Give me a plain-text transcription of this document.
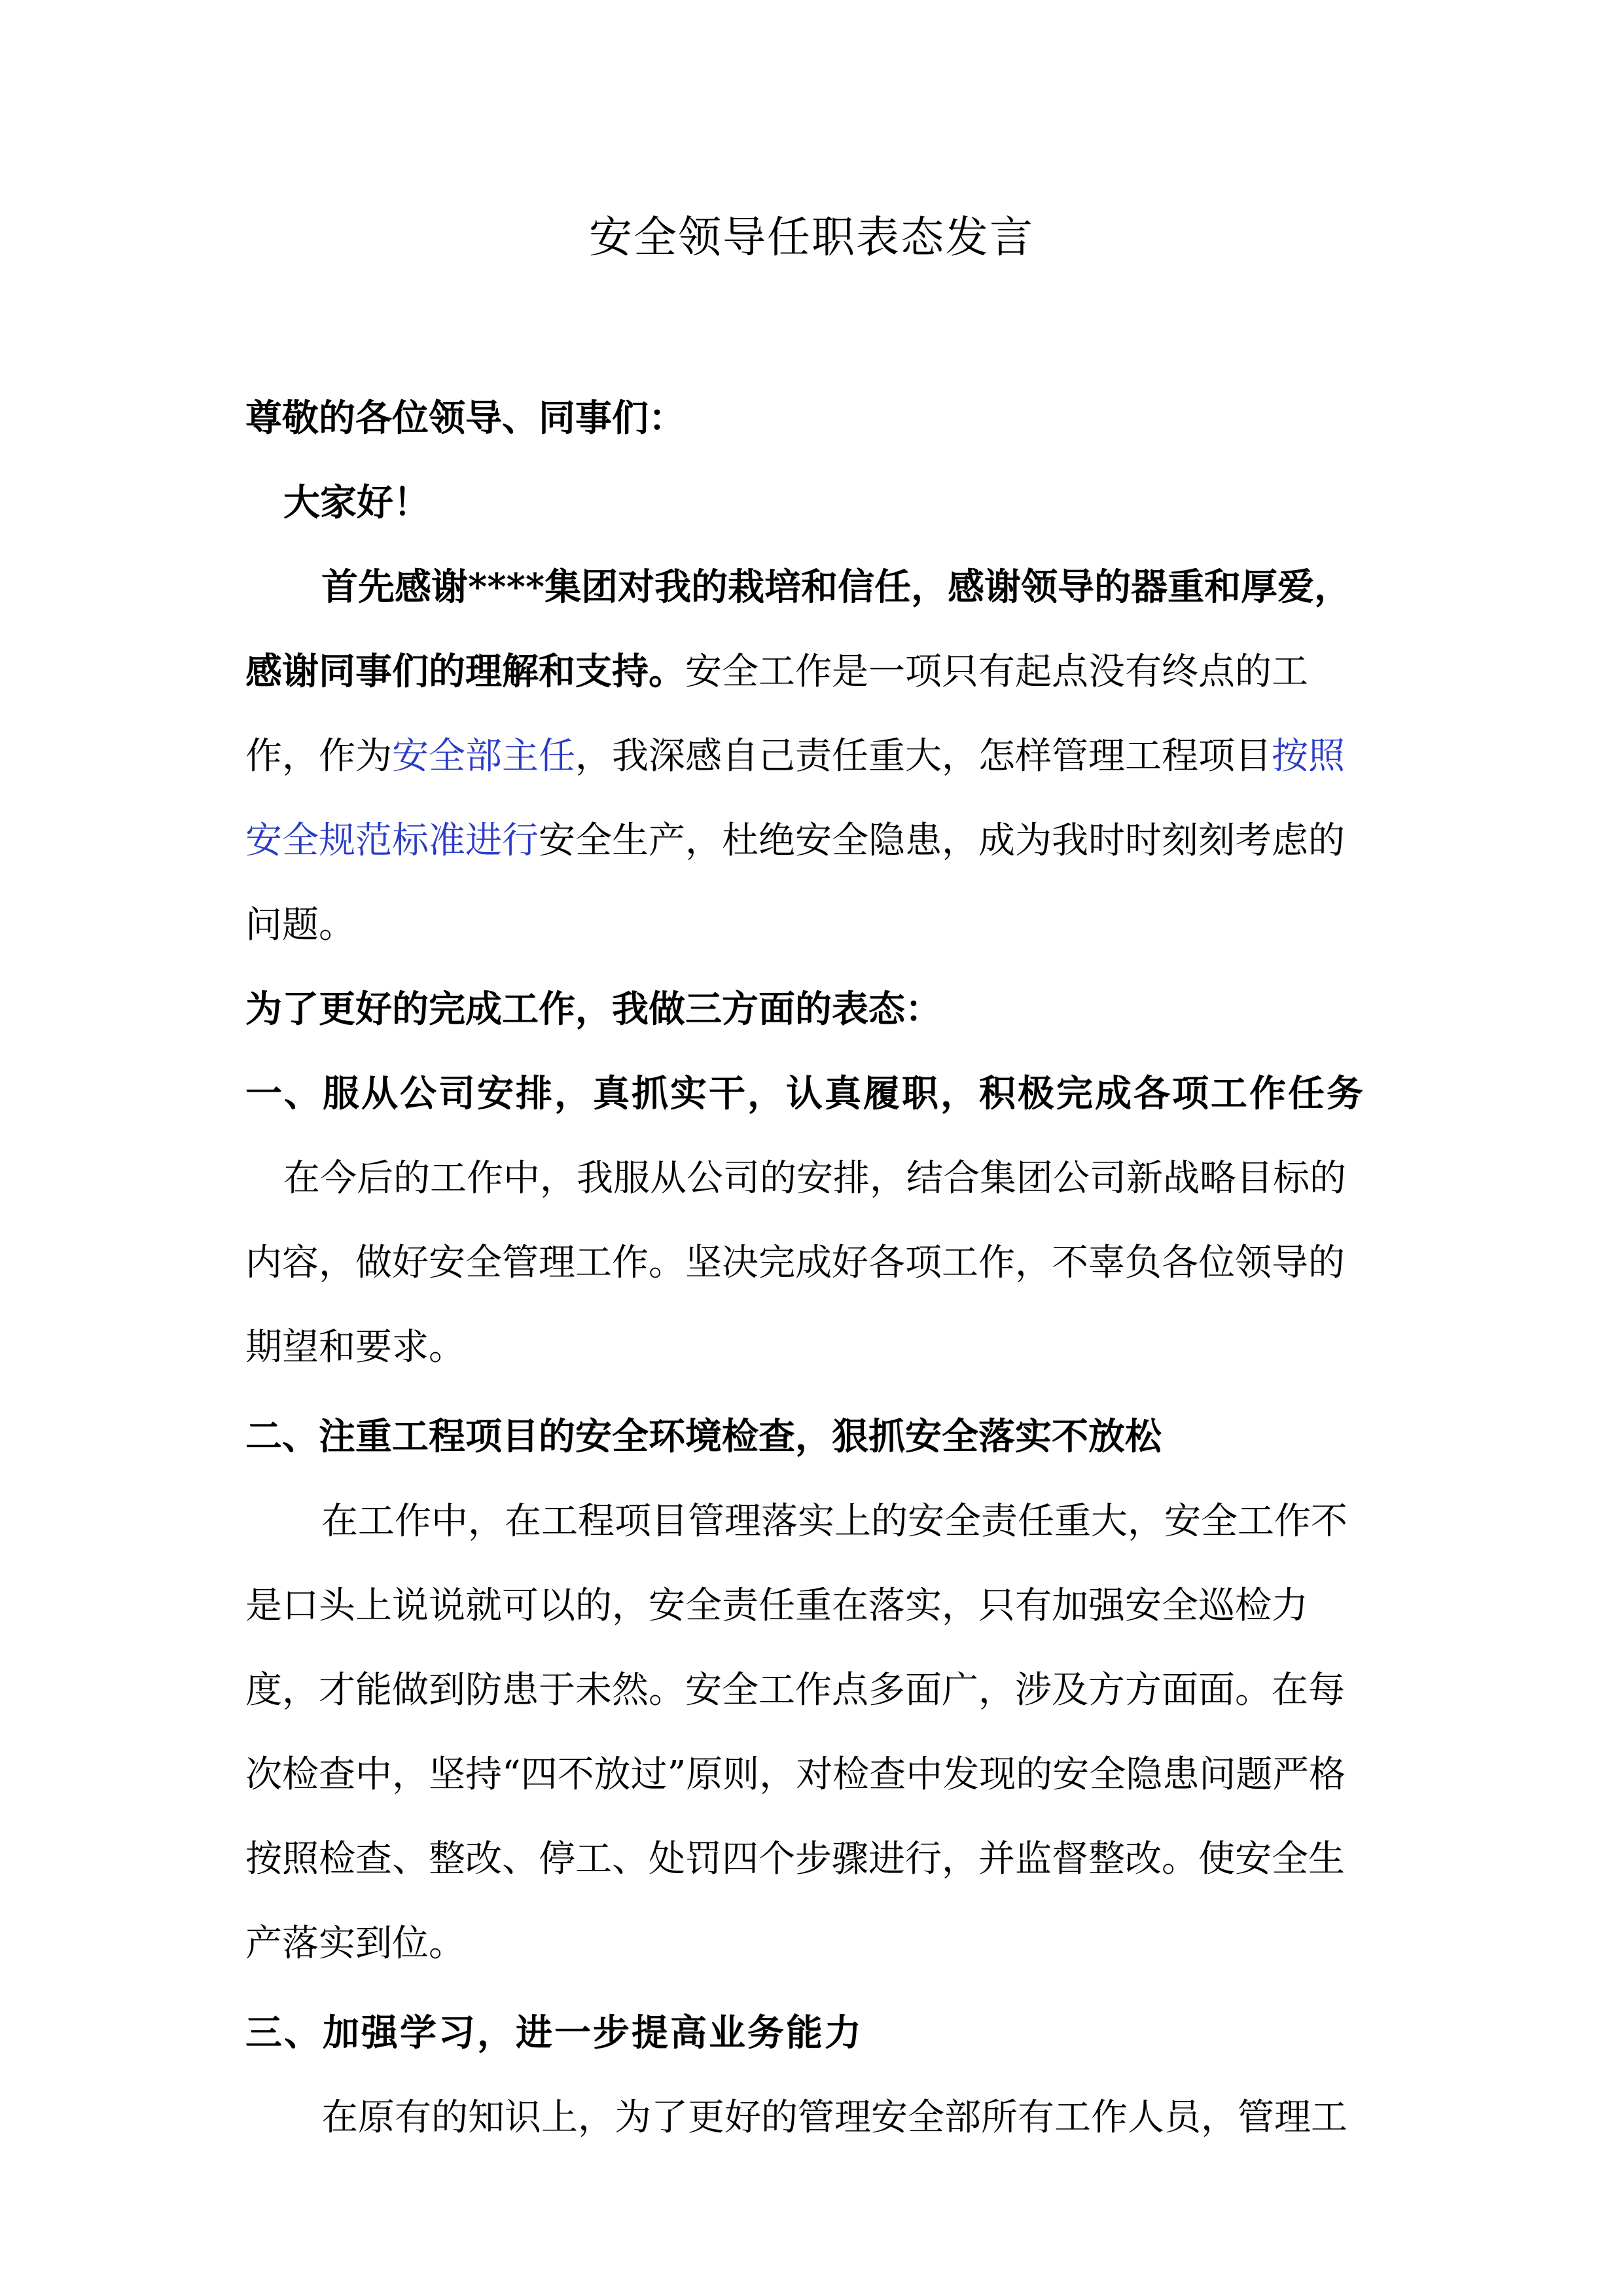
安全领导任职表态发言

尊敬的各位领导、同事们：

大家好！

首先感谢****集团对我的栽培和信任，感谢领导的器重和厚爱，感谢同事们的理解和支持。安全工作是一项只有起点没有终点的工作，作为安全部主任，我深感自己责任重大，怎样管理工程项目按照安全规范标准进行安全生产，杜绝安全隐患，成为我时时刻刻考虑的问题。

为了更好的完成工作，我做三方面的表态：

一、服从公司安排，真抓实干，认真履职，积极完成各项工作任务

在今后的工作中，我服从公司的安排，结合集团公司新战略目标的内容，做好安全管理工作。坚决完成好各项工作，不辜负各位领导的期望和要求。

二、注重工程项目的安全环境检查，狠抓安全落实不放松

在工作中，在工程项目管理落实上的安全责任重大，安全工作不是口头上说说就可以的，安全责任重在落实，只有加强安全巡检力度，才能做到防患于未然。安全工作点多面广，涉及方方面面。在每次检查中，坚持“四不放过”原则，对检查中发现的安全隐患问题严格按照检查、整改、停工、处罚四个步骤进行，并监督整改。使安全生产落实到位。

三、加强学习，进一步提高业务能力

在原有的知识上，为了更好的管理安全部所有工作人员，管理工
